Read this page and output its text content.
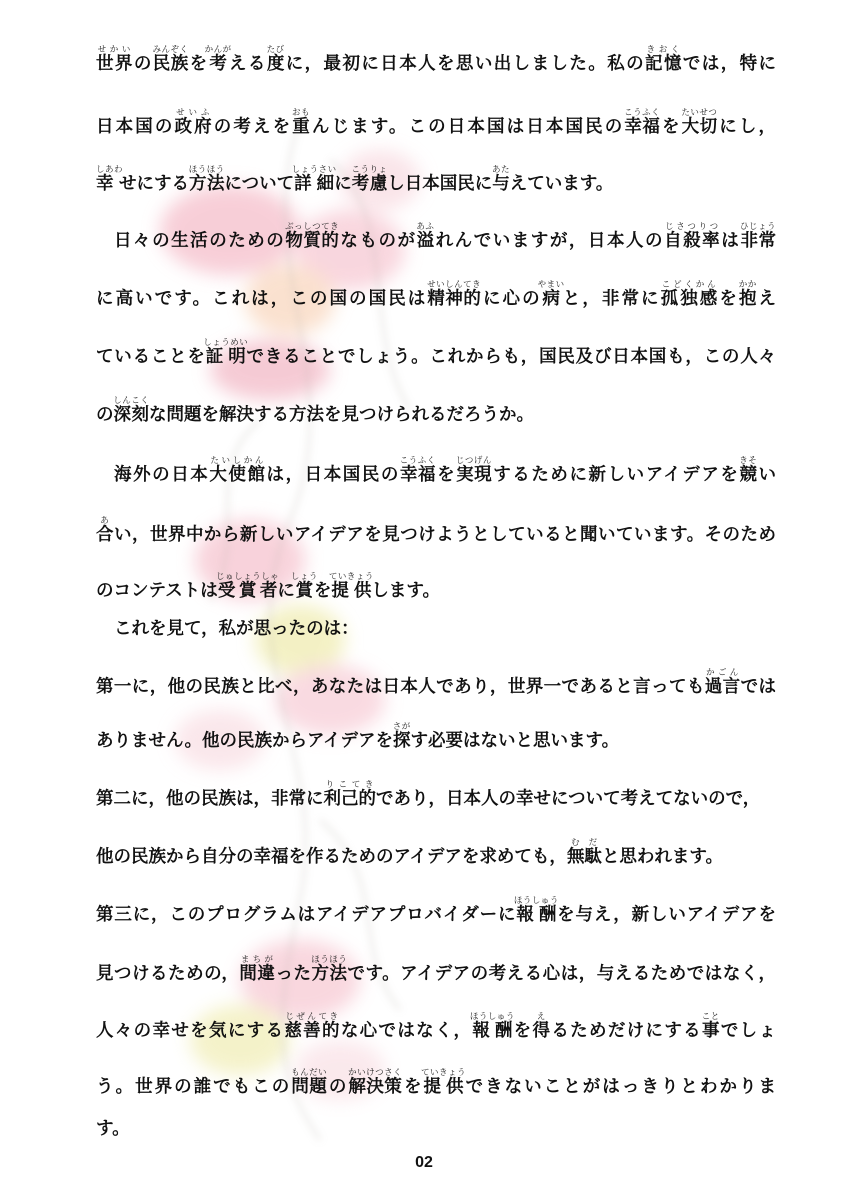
世界せかいの民族みんぞくを考かんがえる度たびに，最初に日本人を思い出しました。私の記憶きおくでは，特に
日本国の政府せいふの考えを重おもんじます。この日本国は日本国民の幸福こうふくを大切たいせつにし，
幸しあわせにする方法ほうほうについて詳細しょうさいに考慮こうりょし日本国民に与あたえています。
日々の生活のための物質的ぶっしつてきなものが溢あふれんでいますが，日本人の自殺率じさつりつは非常ひじょう
に高いです。これは，この国の国民は精神的せいしんてきに心の病やまいと，非常に孤独感こどくかんを抱かかえ
ていることを証明しょうめいできることでしょう。これからも，国民及び日本国も，この人々
の深刻しんこくな問題を解決する方法を見つけられるだろうか。
海外の日本大使館たいしかんは，日本国民の幸福こうふくを実現じつげんするために新しいアイデアを競きそい
合あい，世界中から新しいアイデアを見つけようとしていると聞いています。そのため
のコンテストは受賞者じゅしょうしゃに賞しょうを提供ていきょうします。
これを見て，私が思ったのは：
第一に，他の民族と比べ，あなたは日本人であり，世界一であると言っても過言かごんでは
ありません。他の民族からアイデアを探さがす必要はないと思います。
第二に，他の民族は，非常に利己的りこてきであり，日本人の幸せについて考えてないので，
他の民族から自分の幸福を作るためのアイデアを求めても，無駄むだと思われます。
第三に，このプログラムはアイデアプロバイダーに報酬ほうしゅうを与え，新しいアイデアを
見つけるための，間違まちがった方法ほうほうです。アイデアの考える心は，与えるためではなく，
人々の幸せを気にする慈善的じぜんてきな心ではなく，報酬ほうしゅうを得えるためだけにする事ことでしょ
う。世界の誰でもこの問題もんだいの解決策かいけつさくを提供ていきょうできないことがはっきりとわかりま
す。
02
